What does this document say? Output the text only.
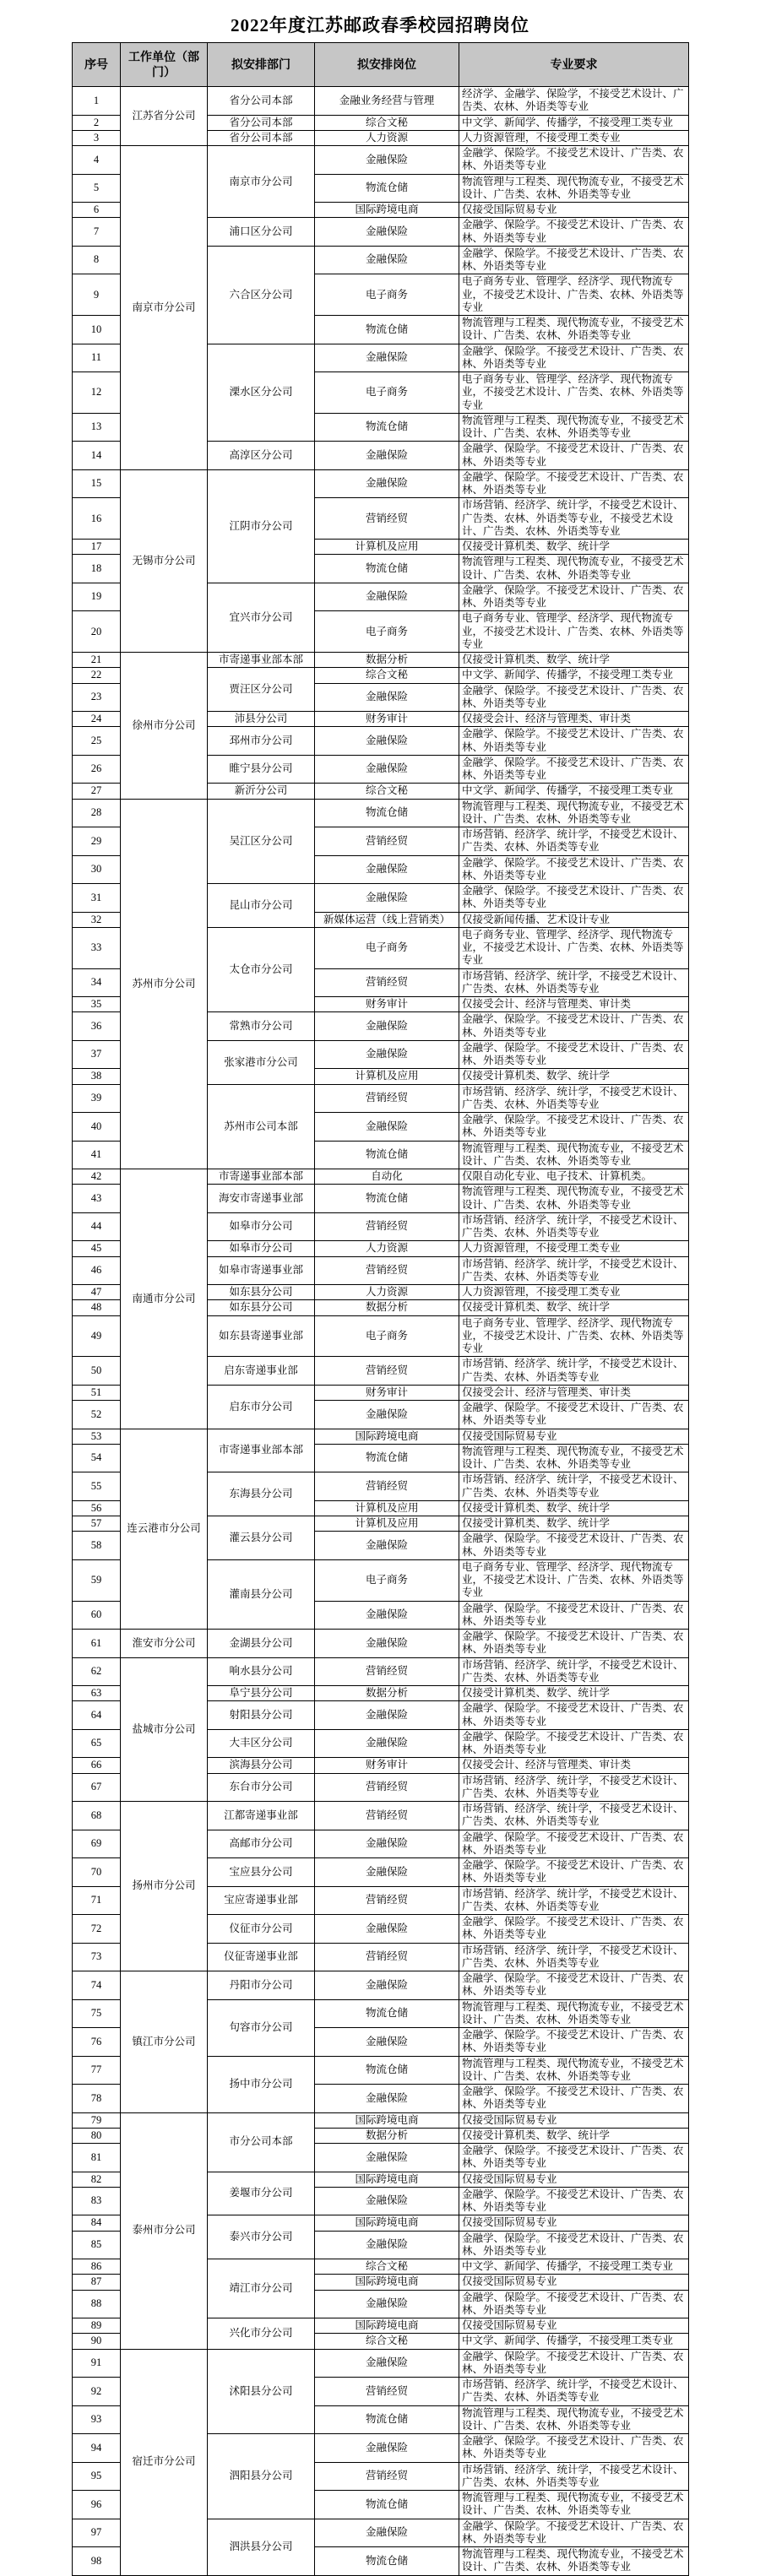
2022年度江苏邮政春季校园招聘岗位
序号	工作单位（部门）	拟安排部门	拟安排岗位	专业要求
1	江苏省分公司	省分公司本部	金融业务经营与管理	经济学、金融学、保险学，不接受艺术设计、广告类、农林、外语类等专业
2		省分公司本部	综合文秘	中文学、新闻学、传播学，不接受理工类专业
3		省分公司本部	人力资源	人力资源管理，不接受理工类专业
4	南京市分公司	南京市分公司	金融保险	金融学、保险学。不接受艺术设计、广告类、农林、外语类等专业
5			物流仓储	物流管理与工程类、现代物流专业，不接受艺术设计、广告类、农林、外语类等专业
6			国际跨境电商	仅接受国际贸易专业
7		浦口区分公司	金融保险	金融学、保险学。不接受艺术设计、广告类、农林、外语类等专业
8		六合区分公司	金融保险	金融学、保险学。不接受艺术设计、广告类、农林、外语类等专业
9			电子商务	电子商务专业、管理学、经济学、现代物流专业，不接受艺术设计、广告类、农林、外语类等专业
10			物流仓储	物流管理与工程类、现代物流专业，不接受艺术设计、广告类、农林、外语类等专业
11		溧水区分公司	金融保险	金融学、保险学。不接受艺术设计、广告类、农林、外语类等专业
12			电子商务	电子商务专业、管理学、经济学、现代物流专业，不接受艺术设计、广告类、农林、外语类等专业
13			物流仓储	物流管理与工程类、现代物流专业，不接受艺术设计、广告类、农林、外语类等专业
14		高淳区分公司	金融保险	金融学、保险学。不接受艺术设计、广告类、农林、外语类等专业
15	无锡市分公司	江阴市分公司	金融保险	金融学、保险学。不接受艺术设计、广告类、农林、外语类等专业
16			营销经贸	市场营销、经济学、统计学，不接受艺术设计、广告类、农林、外语类等专业，不接受艺术设计、广告类、农林、外语类等专业
17			计算机及应用	仅接受计算机类、数学、统计学
18			物流仓储	物流管理与工程类、现代物流专业，不接受艺术设计、广告类、农林、外语类等专业
19		宜兴市分公司	金融保险	金融学、保险学。不接受艺术设计、广告类、农林、外语类等专业
20			电子商务	电子商务专业、管理学、经济学、现代物流专业，不接受艺术设计、广告类、农林、外语类等专业
21	徐州市分公司	市寄递事业部本部	数据分析	仅接受计算机类、数学、统计学
22		贾汪区分公司	综合文秘	中文学、新闻学、传播学，不接受理工类专业
23			金融保险	金融学、保险学。不接受艺术设计、广告类、农林、外语类等专业
24		沛县分公司	财务审计	仅接受会计、经济与管理类、审计类
25		邳州市分公司	金融保险	金融学、保险学。不接受艺术设计、广告类、农林、外语类等专业
26		睢宁县分公司	金融保险	金融学、保险学。不接受艺术设计、广告类、农林、外语类等专业
27		新沂分公司	综合文秘	中文学、新闻学、传播学，不接受理工类专业
28	苏州市分公司	吴江区分公司	物流仓储	物流管理与工程类、现代物流专业，不接受艺术设计、广告类、农林、外语类等专业
29			营销经贸	市场营销、经济学、统计学，不接受艺术设计、广告类、农林、外语类等专业
30			金融保险	金融学、保险学。不接受艺术设计、广告类、农林、外语类等专业
31		昆山市分公司	金融保险	金融学、保险学。不接受艺术设计、广告类、农林、外语类等专业
32			新媒体运营（线上营销类）	仅接受新闻传播、艺术设计专业
33		太仓市分公司	电子商务	电子商务专业、管理学、经济学、现代物流专业，不接受艺术设计、广告类、农林、外语类等专业
34			营销经贸	市场营销、经济学、统计学，不接受艺术设计、广告类、农林、外语类等专业
35			财务审计	仅接受会计、经济与管理类、审计类
36		常熟市分公司	金融保险	金融学、保险学。不接受艺术设计、广告类、农林、外语类等专业
37		张家港市分公司	金融保险	金融学、保险学。不接受艺术设计、广告类、农林、外语类等专业
38			计算机及应用	仅接受计算机类、数学、统计学
39		苏州市公司本部	营销经贸	市场营销、经济学、统计学，不接受艺术设计、广告类、农林、外语类等专业
40			金融保险	金融学、保险学。不接受艺术设计、广告类、农林、外语类等专业
41			物流仓储	物流管理与工程类、现代物流专业，不接受艺术设计、广告类、农林、外语类等专业
42	南通市分公司	市寄递事业部本部	自动化	仅限自动化专业、电子技术、计算机类。
43		海安市寄递事业部	物流仓储	物流管理与工程类、现代物流专业，不接受艺术设计、广告类、农林、外语类等专业
44		如皋市分公司	营销经贸	市场营销、经济学、统计学，不接受艺术设计、广告类、农林、外语类等专业
45		如皋市分公司	人力资源	人力资源管理，不接受理工类专业
46		如皋市寄递事业部	营销经贸	市场营销、经济学、统计学，不接受艺术设计、广告类、农林、外语类等专业
47		如东县分公司	人力资源	人力资源管理，不接受理工类专业
48		如东县分公司	数据分析	仅接受计算机类、数学、统计学
49		如东县寄递事业部	电子商务	电子商务专业、管理学、经济学、现代物流专业，不接受艺术设计、广告类、农林、外语类等专业
50		启东寄递事业部	营销经贸	市场营销、经济学、统计学，不接受艺术设计、广告类、农林、外语类等专业
51		启东市分公司	财务审计	仅接受会计、经济与管理类、审计类
52			金融保险	金融学、保险学。不接受艺术设计、广告类、农林、外语类等专业
53	连云港市分公司	市寄递事业部本部	国际跨境电商	仅接受国际贸易专业
54			物流仓储	物流管理与工程类、现代物流专业，不接受艺术设计、广告类、农林、外语类等专业
55		东海县分公司	营销经贸	市场营销、经济学、统计学，不接受艺术设计、广告类、农林、外语类等专业
56			计算机及应用	仅接受计算机类、数学、统计学
57		灌云县分公司	计算机及应用	仅接受计算机类、数学、统计学
58			金融保险	金融学、保险学。不接受艺术设计、广告类、农林、外语类等专业
59		灌南县分公司	电子商务	电子商务专业、管理学、经济学、现代物流专业，不接受艺术设计、广告类、农林、外语类等专业
60			金融保险	金融学、保险学。不接受艺术设计、广告类、农林、外语类等专业
61	淮安市分公司	金湖县分公司	金融保险	金融学、保险学。不接受艺术设计、广告类、农林、外语类等专业
62	盐城市分公司	响水县分公司	营销经贸	市场营销、经济学、统计学，不接受艺术设计、广告类、农林、外语类等专业
63		阜宁县分公司	数据分析	仅接受计算机类、数学、统计学
64		射阳县分公司	金融保险	金融学、保险学。不接受艺术设计、广告类、农林、外语类等专业
65		大丰区分公司	金融保险	金融学、保险学。不接受艺术设计、广告类、农林、外语类等专业
66		滨海县分公司	财务审计	仅接受会计、经济与管理类、审计类
67		东台市分公司	营销经贸	市场营销、经济学、统计学，不接受艺术设计、广告类、农林、外语类等专业
68	扬州市分公司	江都寄递事业部	营销经贸	市场营销、经济学、统计学，不接受艺术设计、广告类、农林、外语类等专业
69		高邮市分公司	金融保险	金融学、保险学。不接受艺术设计、广告类、农林、外语类等专业
70		宝应县分公司	金融保险	金融学、保险学。不接受艺术设计、广告类、农林、外语类等专业
71		宝应寄递事业部	营销经贸	市场营销、经济学、统计学，不接受艺术设计、广告类、农林、外语类等专业
72		仪征市分公司	金融保险	金融学、保险学。不接受艺术设计、广告类、农林、外语类等专业
73		仪征寄递事业部	营销经贸	市场营销、经济学、统计学，不接受艺术设计、广告类、农林、外语类等专业
74	镇江市分公司	丹阳市分公司	金融保险	金融学、保险学。不接受艺术设计、广告类、农林、外语类等专业
75		句容市分公司	物流仓储	物流管理与工程类、现代物流专业，不接受艺术设计、广告类、农林、外语类等专业
76			金融保险	金融学、保险学。不接受艺术设计、广告类、农林、外语类等专业
77		扬中市分公司	物流仓储	物流管理与工程类、现代物流专业，不接受艺术设计、广告类、农林、外语类等专业
78			金融保险	金融学、保险学。不接受艺术设计、广告类、农林、外语类等专业
79	泰州市分公司	市分公司本部	国际跨境电商	仅接受国际贸易专业
80			数据分析	仅接受计算机类、数学、统计学
81			金融保险	金融学、保险学。不接受艺术设计、广告类、农林、外语类等专业
82		姜堰市分公司	国际跨境电商	仅接受国际贸易专业
83			金融保险	金融学、保险学。不接受艺术设计、广告类、农林、外语类等专业
84		泰兴市分公司	国际跨境电商	仅接受国际贸易专业
85			金融保险	金融学、保险学。不接受艺术设计、广告类、农林、外语类等专业
86		靖江市分公司	综合文秘	中文学、新闻学、传播学，不接受理工类专业
87			国际跨境电商	仅接受国际贸易专业
88			金融保险	金融学、保险学。不接受艺术设计、广告类、农林、外语类等专业
89		兴化市分公司	国际跨境电商	仅接受国际贸易专业
90			综合文秘	中文学、新闻学、传播学，不接受理工类专业
91	宿迁市分公司	沭阳县分公司	金融保险	金融学、保险学。不接受艺术设计、广告类、农林、外语类等专业
92			营销经贸	市场营销、经济学、统计学，不接受艺术设计、广告类、农林、外语类等专业
93			物流仓储	物流管理与工程类、现代物流专业，不接受艺术设计、广告类、农林、外语类等专业
94		泗阳县分公司	金融保险	金融学、保险学。不接受艺术设计、广告类、农林、外语类等专业
95			营销经贸	市场营销、经济学、统计学，不接受艺术设计、广告类、农林、外语类等专业
96			物流仓储	物流管理与工程类、现代物流专业，不接受艺术设计、广告类、农林、外语类等专业
97		泗洪县分公司	金融保险	金融学、保险学。不接受艺术设计、广告类、农林、外语类等专业
98			物流仓储	物流管理与工程类、现代物流专业，不接受艺术设计、广告类、农林、外语类等专业
